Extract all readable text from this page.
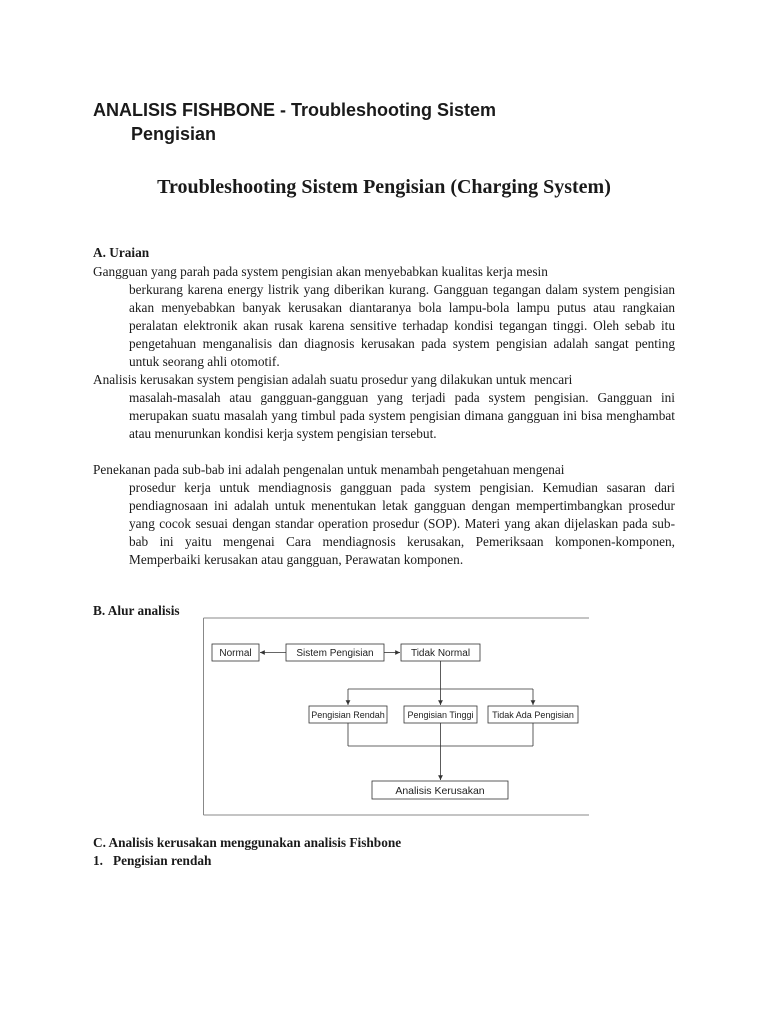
ANALISIS FISHBONE - Troubleshooting Sistem
Pengisian
Troubleshooting Sistem Pengisian (Charging System)
A. Uraian

Gangguan yang parah pada system pengisian akan menyebabkan kualitas kerja mesin
berkurang karena energy listrik yang diberikan kurang. Gangguan tegangan dalam system pengisian akan menyebabkan banyak kerusakan diantaranya bola lampu-bola lampu putus atau rangkaian peralatan elektronik akan rusak karena sensitive terhadap kondisi tegangan tinggi. Oleh sebab itu pengetahuan menganalisis dan diagnosis kerusakan pada system pengisian adalah sangat penting untuk seorang ahli otomotif.

Analisis kerusakan system pengisian adalah suatu prosedur yang dilakukan untuk mencari
masalah-masalah atau gangguan-gangguan yang terjadi pada system pengisian. Gangguan ini merupakan suatu masalah yang timbul pada system pengisian dimana gangguan ini bisa menghambat atau menurunkan kondisi kerja system pengisian tersebut.

Penekanan pada sub-bab ini adalah pengenalan untuk menambah pengetahuan mengenai
prosedur kerja untuk mendiagnosis gangguan pada system pengisian. Kemudian sasaran dari pendiagnosaan ini adalah untuk menentukan letak gangguan dengan mempertimbangkan prosedur yang cocok sesuai dengan standar operation prosedur (SOP). Materi yang akan dijelaskan pada sub-bab ini yaitu mengenai Cara mendiagnosis kerusakan, Pemeriksaan komponen-komponen, Memperbaiki kerusakan atau gangguan, Perawatan komponen.

B. Alur analisis
Normal	Sistem Pengisian	Tidak Normal
Pengisian Rendah	Pengisian Tinggi Tidak Ada Pengisian
Analisis Kerusakan
C. Analisis kerusakan menggunakan analisis Fishbone
1. Pengisian rendah
